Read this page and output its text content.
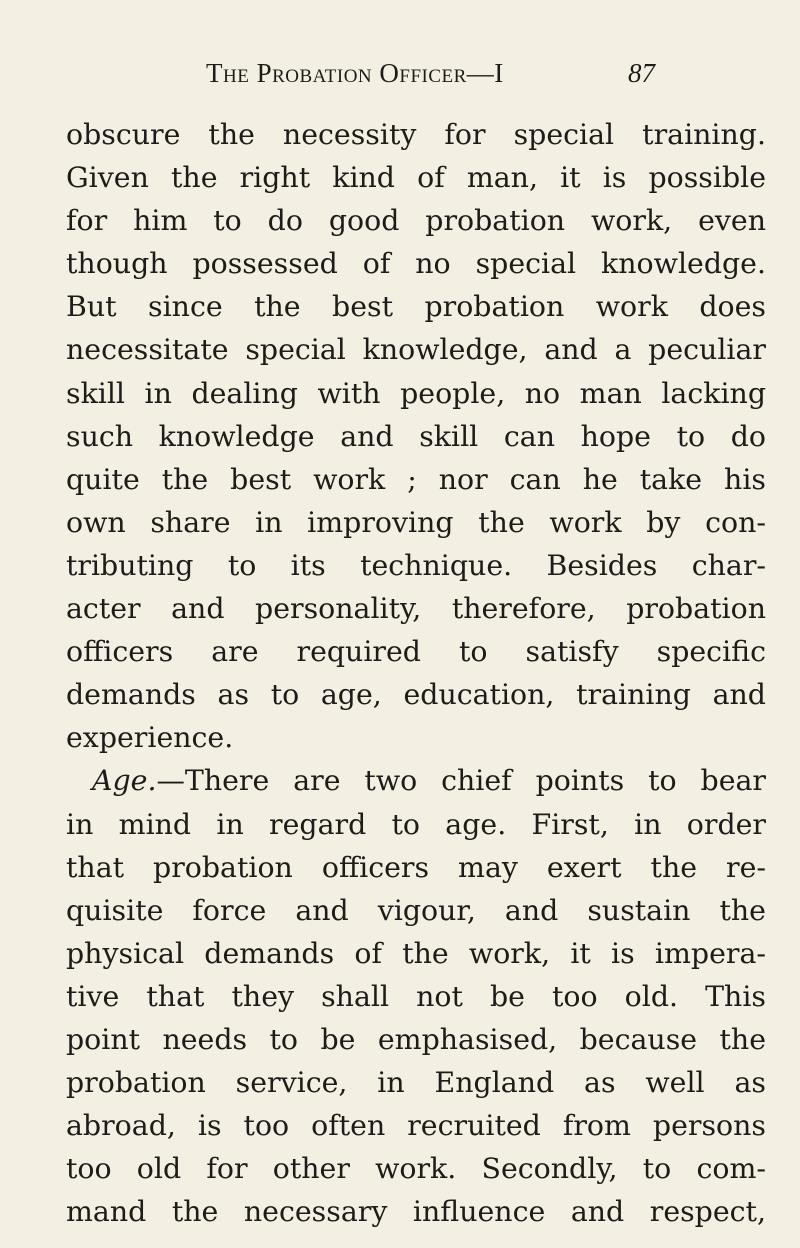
The Probation Officer—I	87
obscure the necessity for special training.
Given the right kind of man, it is possible
for him to do good probation work, even
though possessed of no special knowledge.
But since the best probation work does
necessitate special knowledge, and a peculiar
skill in dealing with people, no man lacking
such knowledge and skill can hope to do
quite the best work ; nor can he take his
own share in improving the work by con-
tributing to its technique. Besides char-
acter and personality, therefore, probation
officers are required to satisfy specific
demands as to age, education, training and
experience.
Age.—There are two chief points to bear
in mind in regard to age. First, in order
that probation officers may exert the re-
quisite force and vigour, and sustain the
physical demands of the work, it is impera-
tive that they shall not be too old. This
point needs to be emphasised, because the
probation service, in England as well as
abroad, is too often recruited from persons
too old for other work. Secondly, to com-
mand the necessary influence and respect,
